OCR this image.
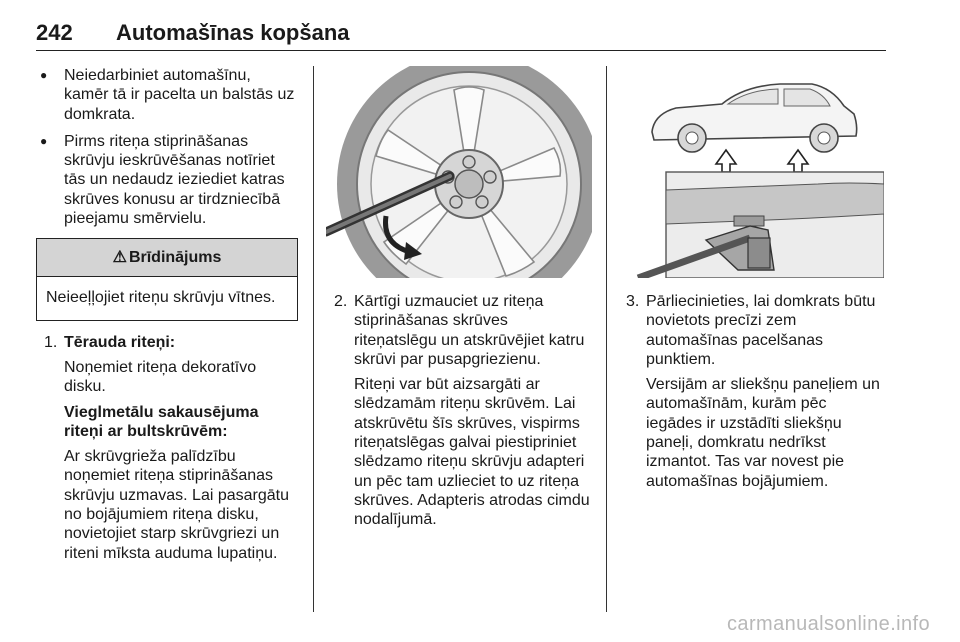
242 Automašīnas kopšana
● Neiedarbiniet automašīnu, kamēr tā ir pacelta un balstās uz domkrata.
● Pirms riteņa stiprināšanas skrūvju ieskrūvēšanas notīriet tās un nedaudz ieziediet katras skrūves konusu ar tirdzniecībā pieejamu smērvielu.
⚠ Brīdinājums
Neieeļļojiet riteņu skrūvju vītnes.
1. Tērauda riteņi:

Noņemiet riteņa dekoratīvo disku.

Vieglmetālu sakausējuma riteņi ar bultskrūvēm:

Ar skrūvgrieža palīdzību noņemiet riteņa stiprināšanas skrūvju uzmavas. Lai pasargātu no bojājumiem riteņa disku, novietojiet starp skrūvgriezi un riteni mīksta auduma lupatiņu.

2. Kārtīgi uzmauciet uz riteņa stiprināšanas skrūves riteņatslēgu un atskrūvējiet katru skrūvi par pusapgriezienu.

Riteņi var būt aizsargāti ar slēdzamām riteņu skrūvēm. Lai atskrūvētu šīs skrūves, vispirms riteņatslēgas galvai piestipriniet slēdzamo riteņu skrūvju adapteri un pēc tam uzlieciet to uz riteņa skrūves. Adapteris atrodas cimdu nodalījumā.

3. Pārliecinieties, lai domkrats būtu novietots precīzi zem automašīnas pacelšanas punktiem.

Versijām ar sliekšņu paneļiem un automašīnām, kurām pēc iegādes ir uzstādīti sliekšņu paneļi, domkratu nedrīkst izmantot. Tas var novest pie automašīnas bojājumiem.

carmanualsonline.info
